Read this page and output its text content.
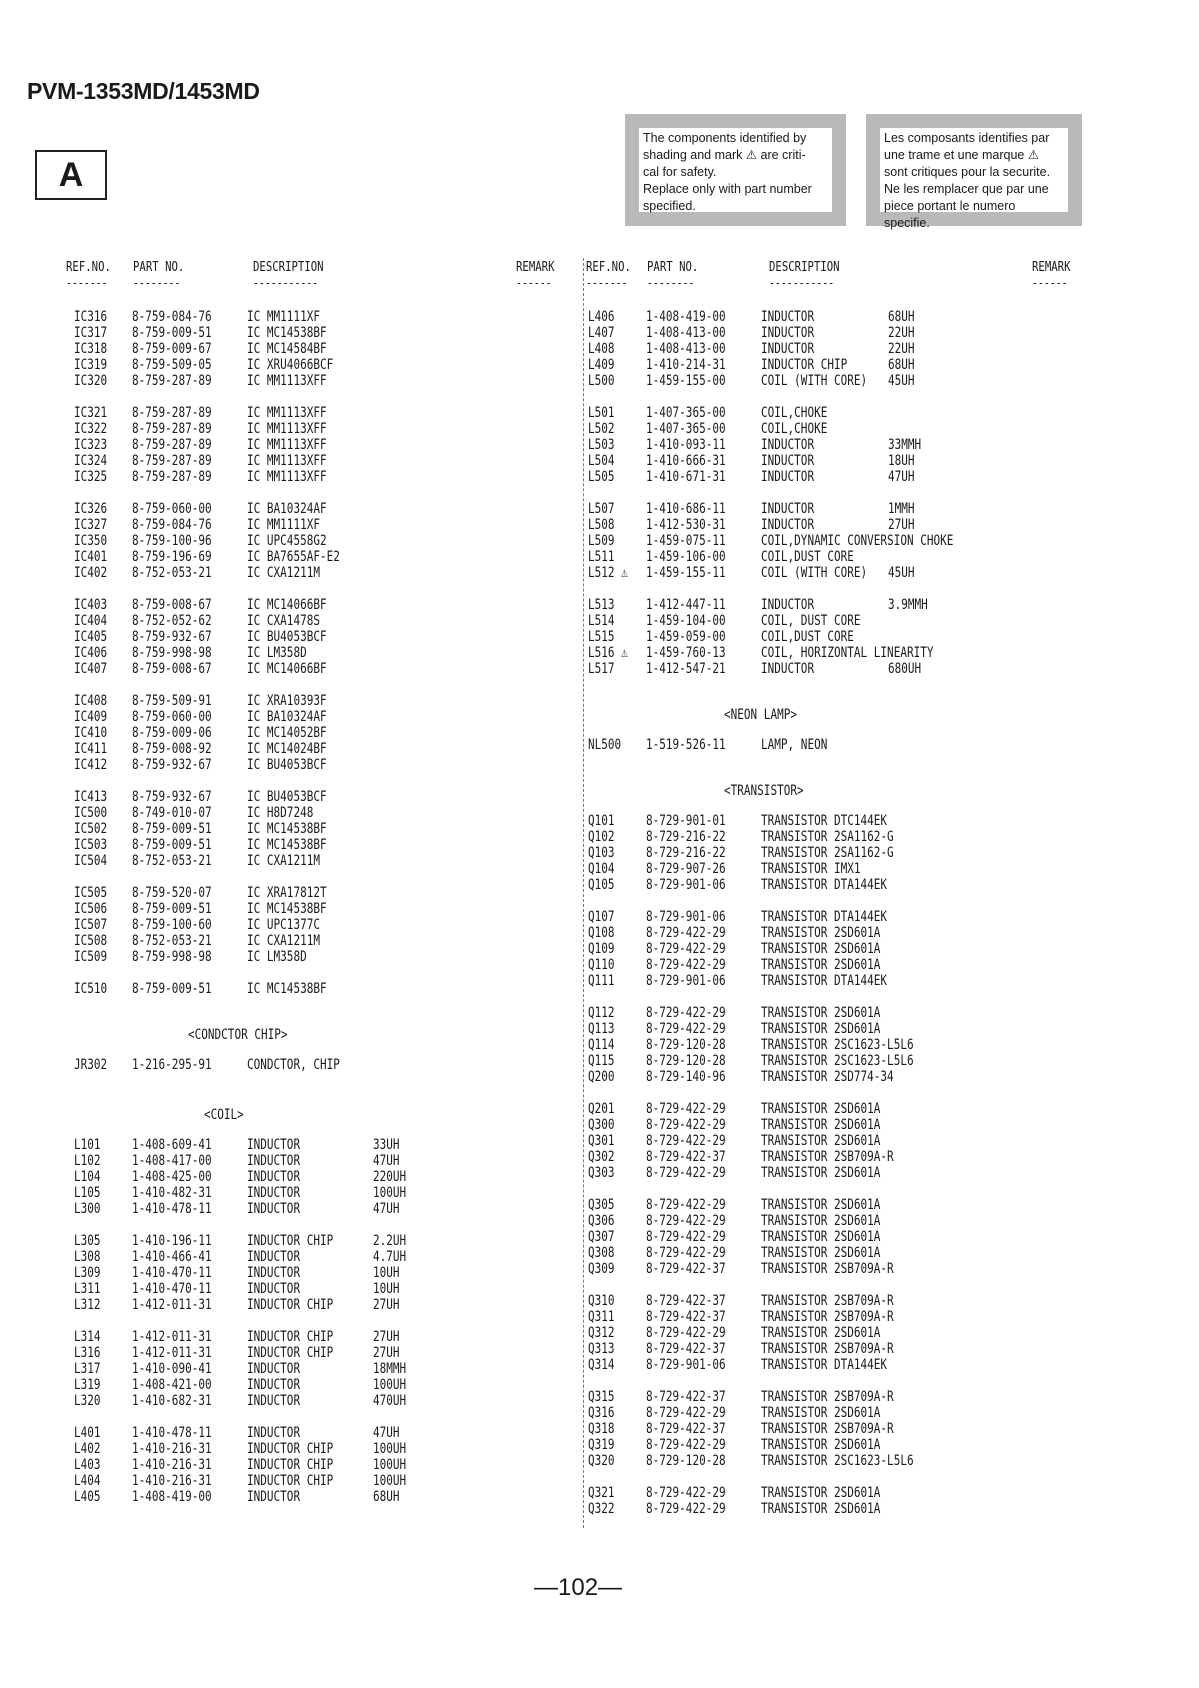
PVM-1353MD/1453MD
A
The components identified by
shading and mark ⚠ are criti-
cal for safety.
Replace only with part number
specified.
Les composants identifies par
une trame et une marque ⚠
sont critiques pour la securite.
Ne les remplacer que par une
piece portant le numero specifie.
REF.NO. PART NO.	DESCRIPTION	REMARK
------- --------	-----------	------
REF.NO. PART NO.	DESCRIPTION	REMARK
------- --------	-----------	------
IC316 8-759-084-76 IC MM1111XF
IC317 8-759-009-51 IC MC14538BF
IC318 8-759-009-67 IC MC14584BF
IC319 8-759-509-05 IC XRU4066BCF
IC320 8-759-287-89 IC MM1113XFF
IC321 8-759-287-89 IC MM1113XFF
IC322 8-759-287-89 IC MM1113XFF
IC323 8-759-287-89 IC MM1113XFF
IC324 8-759-287-89 IC MM1113XFF
IC325 8-759-287-89 IC MM1113XFF
IC326 8-759-060-00 IC BA10324AF
IC327 8-759-084-76 IC MM1111XF
IC350 8-759-100-96 IC UPC4558G2
IC401 8-759-196-69 IC BA7655AF-E2
IC402 8-752-053-21 IC CXA1211M
IC403 8-759-008-67 IC MC14066BF
IC404 8-752-052-62 IC CXA1478S
IC405 8-759-932-67 IC BU4053BCF
IC406 8-759-998-98 IC LM358D
IC407 8-759-008-67 IC MC14066BF
IC408 8-759-509-91 IC XRA10393F
IC409 8-759-060-00 IC BA10324AF
IC410 8-759-009-06 IC MC14052BF
IC411 8-759-008-92 IC MC14024BF
IC412 8-759-932-67 IC BU4053BCF
IC413 8-759-932-67 IC BU4053BCF
IC500 8-749-010-07 IC H8D7248
IC502 8-759-009-51 IC MC14538BF
IC503 8-759-009-51 IC MC14538BF
IC504 8-752-053-21 IC CXA1211M
IC505 8-759-520-07 IC XRA17812T
IC506 8-759-009-51 IC MC14538BF
IC507 8-759-100-60 IC UPC1377C
IC508 8-752-053-21 IC CXA1211M
IC509 8-759-998-98 IC LM358D
IC510 8-759-009-51 IC MC14538BF
<CONDCTOR CHIP>
JR302 1-216-295-91 CONDCTOR, CHIP
<COIL>
L101 1-408-609-41 INDUCTOR	33UH
L102 1-408-417-00 INDUCTOR	47UH
L104 1-408-425-00 INDUCTOR	220UH
L105 1-410-482-31 INDUCTOR	100UH
L300 1-410-478-11 INDUCTOR	47UH
L305 1-410-196-11 INDUCTOR CHIP	2.2UH
L308 1-410-466-41 INDUCTOR	4.7UH
L309 1-410-470-11 INDUCTOR	10UH
L311 1-410-470-11 INDUCTOR	10UH
L312 1-412-011-31 INDUCTOR CHIP	27UH
L314 1-412-011-31 INDUCTOR CHIP	27UH
L316 1-412-011-31 INDUCTOR CHIP	27UH
L317 1-410-090-41 INDUCTOR	18MMH
L319 1-408-421-00 INDUCTOR	100UH
L320 1-410-682-31 INDUCTOR	470UH
L401 1-410-478-11 INDUCTOR	47UH
L402 1-410-216-31 INDUCTOR CHIP	100UH
L403 1-410-216-31 INDUCTOR CHIP	100UH
L404 1-410-216-31 INDUCTOR CHIP	100UH
L405 1-408-419-00 INDUCTOR	68UH
L406 1-408-419-00 INDUCTOR	68UH
L407 1-408-413-00 INDUCTOR	22UH
L408 1-408-413-00 INDUCTOR	22UH
L409 1-410-214-31 INDUCTOR CHIP	68UH
L500 1-459-155-00 COIL (WITH CORE) 45UH
L501 1-407-365-00 COIL,CHOKE
L502 1-407-365-00 COIL,CHOKE
L503 1-410-093-11 INDUCTOR	33MMH
L504 1-410-666-31 INDUCTOR	18UH
L505 1-410-671-31 INDUCTOR	47UH
L507 1-410-686-11 INDUCTOR	1MMH
L508 1-412-530-31 INDUCTOR	27UH
L509 1-459-075-11 COIL,DYNAMIC CONVERSION CHOKE
L511 1-459-106-00 COIL,DUST CORE
L512 ⚠ 1-459-155-11 COIL (WITH CORE) 45UH
L513 1-412-447-11 INDUCTOR	3.9MMH
L514 1-459-104-00 COIL, DUST CORE
L515 1-459-059-00 COIL,DUST CORE
L516 ⚠ 1-459-760-13 COIL, HORIZONTAL LINEARITY
L517 1-412-547-21 INDUCTOR	680UH
<NEON LAMP>
NL500 1-519-526-11 LAMP, NEON
<TRANSISTOR>
Q101 8-729-901-01 TRANSISTOR DTC144EK
Q102 8-729-216-22 TRANSISTOR 2SA1162-G
Q103 8-729-216-22 TRANSISTOR 2SA1162-G
Q104 8-729-907-26 TRANSISTOR IMX1
Q105 8-729-901-06 TRANSISTOR DTA144EK
Q107 8-729-901-06 TRANSISTOR DTA144EK
Q108 8-729-422-29 TRANSISTOR 2SD601A
Q109 8-729-422-29 TRANSISTOR 2SD601A
Q110 8-729-422-29 TRANSISTOR 2SD601A
Q111 8-729-901-06 TRANSISTOR DTA144EK
Q112 8-729-422-29 TRANSISTOR 2SD601A
Q113 8-729-422-29 TRANSISTOR 2SD601A
Q114 8-729-120-28 TRANSISTOR 2SC1623-L5L6
Q115 8-729-120-28 TRANSISTOR 2SC1623-L5L6
Q200 8-729-140-96 TRANSISTOR 2SD774-34
Q201 8-729-422-29 TRANSISTOR 2SD601A
Q300 8-729-422-29 TRANSISTOR 2SD601A
Q301 8-729-422-29 TRANSISTOR 2SD601A
Q302 8-729-422-37 TRANSISTOR 2SB709A-R
Q303 8-729-422-29 TRANSISTOR 2SD601A
Q305 8-729-422-29 TRANSISTOR 2SD601A
Q306 8-729-422-29 TRANSISTOR 2SD601A
Q307 8-729-422-29 TRANSISTOR 2SD601A
Q308 8-729-422-29 TRANSISTOR 2SD601A
Q309 8-729-422-37 TRANSISTOR 2SB709A-R
Q310 8-729-422-37 TRANSISTOR 2SB709A-R
Q311 8-729-422-37 TRANSISTOR 2SB709A-R
Q312 8-729-422-29 TRANSISTOR 2SD601A
Q313 8-729-422-37 TRANSISTOR 2SB709A-R
Q314 8-729-901-06 TRANSISTOR DTA144EK
Q315 8-729-422-37 TRANSISTOR 2SB709A-R
Q316 8-729-422-29 TRANSISTOR 2SD601A
Q318 8-729-422-37 TRANSISTOR 2SB709A-R
Q319 8-729-422-29 TRANSISTOR 2SD601A
Q320 8-729-120-28 TRANSISTOR 2SC1623-L5L6
Q321 8-729-422-29 TRANSISTOR 2SD601A
Q322 8-729-422-29 TRANSISTOR 2SD601A
—102—
